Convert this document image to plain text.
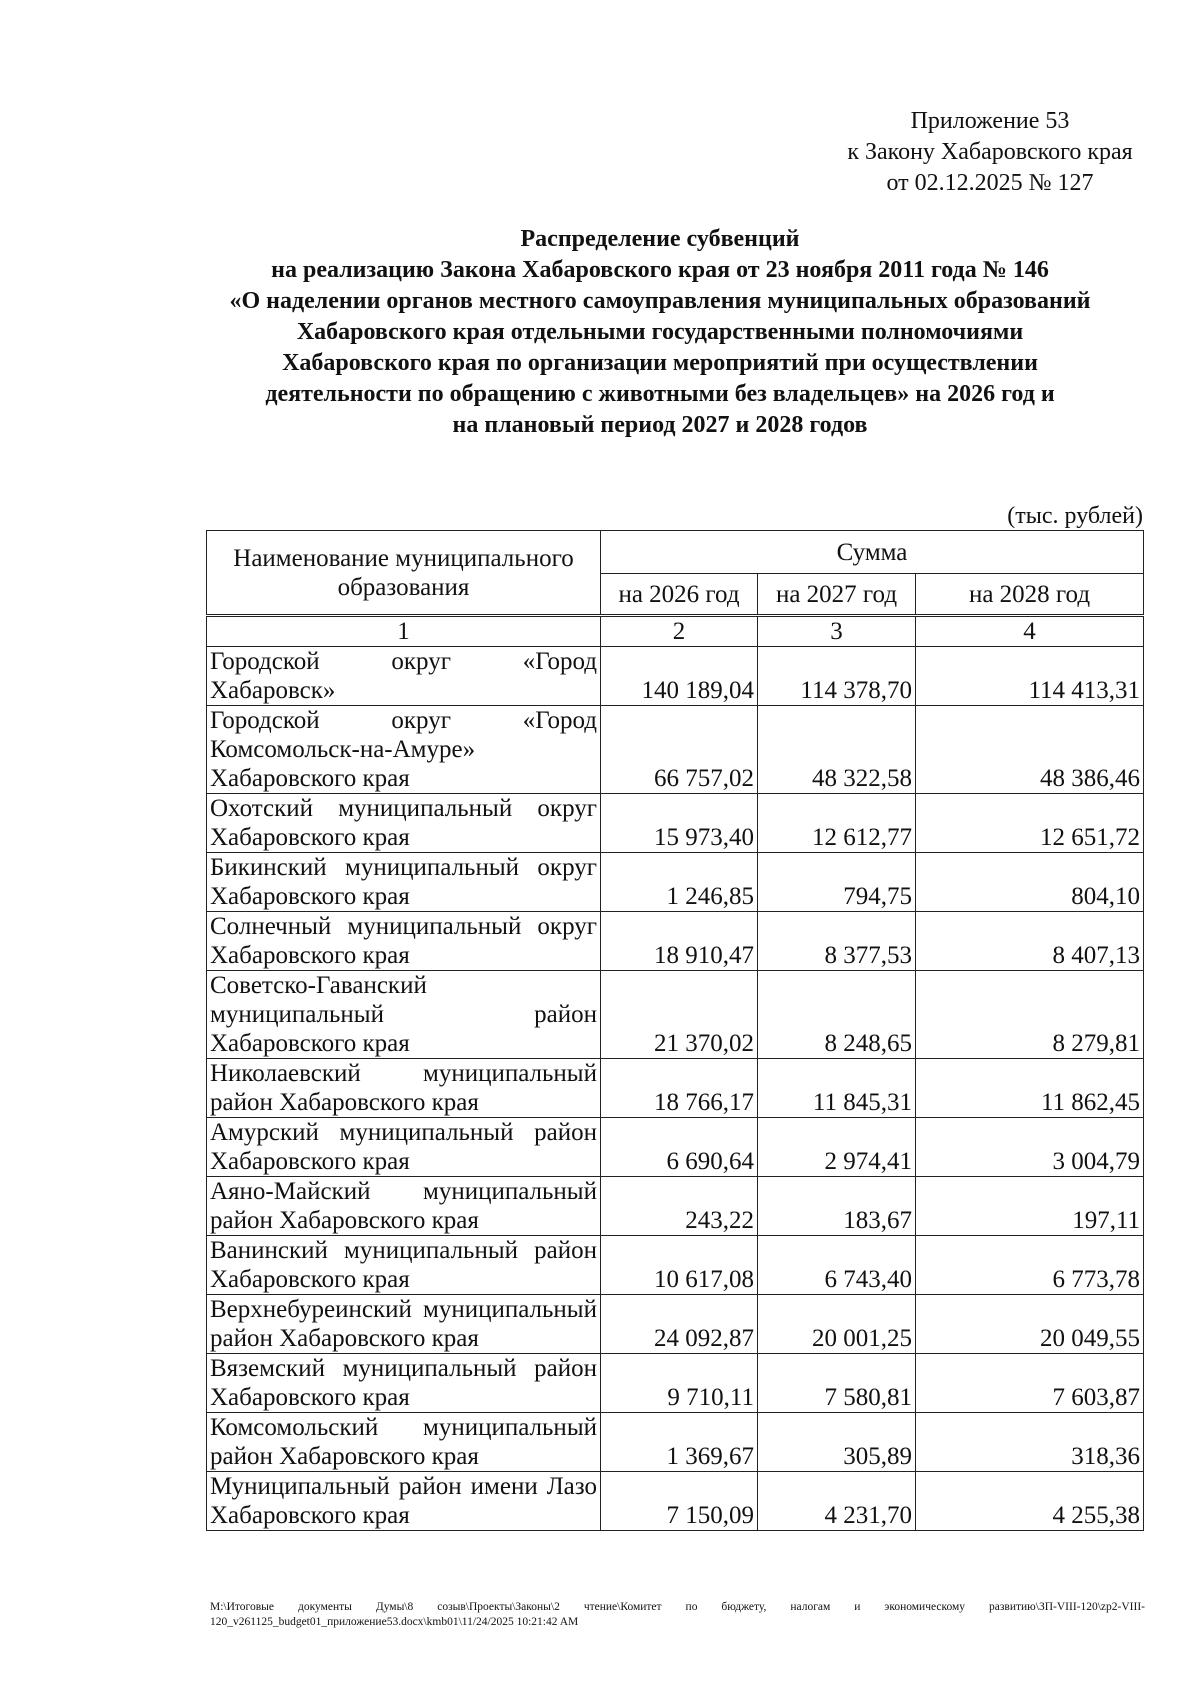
Приложение 53
к Закону Хабаровского края
от 02.12.2025 № 127
Распределение субвенций
на реализацию Закона Хабаровского края от 23 ноября 2011 года № 146
«О наделении органов местного самоуправления муниципальных образований
Хабаровского края отдельными государственными полномочиями
Хабаровского края по организации мероприятий при осуществлении
деятельности по обращению с животными без владельцев» на 2026 год и
на плановый период 2027 и 2028 годов
(тыс. рублей)
Наименование муниципального образования	Сумма		
	на 2026 год	на 2027 год	на 2028 год
1	2	3	4
Городской округ «Город Хабаровск»	140 189,04	114 378,70	114 413,31
Городской округ «Город Комсомольск-на-Амуре» Хабаровского края	66 757,02	48 322,58	48 386,46
Охотский муниципальный округ Хабаровского края	15 973,40	12 612,77	12 651,72
Бикинский муниципальный округ Хабаровского края	1 246,85	794,75	804,10
Солнечный муниципальный округ Хабаровского края	18 910,47	8 377,53	8 407,13
Советско-Гаванский муниципальный район Хабаровского края	21 370,02	8 248,65	8 279,81
Николаевский муниципальный район Хабаровского края	18 766,17	11 845,31	11 862,45
Амурский муниципальный район Хабаровского края	6 690,64	2 974,41	3 004,79
Аяно-Майский муниципальный район Хабаровского края	243,22	183,67	197,11
Ванинский муниципальный район Хабаровского края	10 617,08	6 743,40	6 773,78
Верхнебуреинский муниципальный район Хабаровского края	24 092,87	20 001,25	20 049,55
Вяземский муниципальный район Хабаровского края	9 710,11	7 580,81	7 603,87
Комсомольский муниципальный район Хабаровского края	1 369,67	305,89	318,36
Муниципальный район имени Лазо Хабаровского края	7 150,09	4 231,70	4 255,38
M:\Итоговые документы Думы\8 созыв\Проекты\Законы\2 чтение\Комитет по бюджету, налогам и экономическому развитию\ЗП-VIII-120\zp2-VIII-120_v261125_budget01_приложение53.docx\kmb01\11/24/2025 10:21:42 AM
